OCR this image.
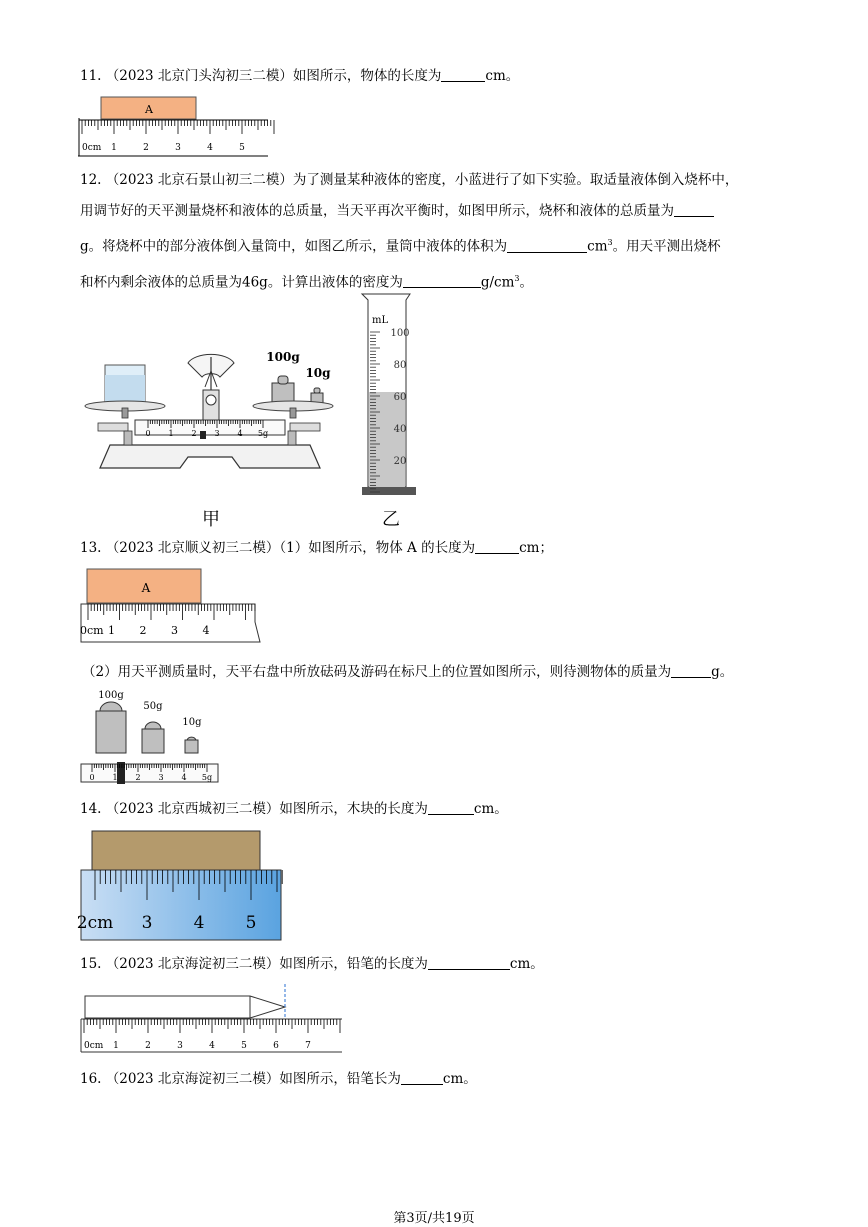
11. （2023 北京门头沟初三二模）如图所示，物体的长度为	cm。
A
0cm 1	2	3	4	5
12. （2023 北京石景山初三二模）为了测量某种液体的密度，小蓝进行了如下实验。取适量液体倒入烧杯中，
用调节好的天平测量烧杯和液体的总质量，当天平再次平衡时，如图甲所示，烧杯和液体的总质量为
g。将烧杯中的部分液体倒入量筒中，如图乙所示，量筒中液体的体积为	$cm^3$。用天平测出烧杯
和杯内剩余液体的总质量为46g。计算出液体的密度为	$g/cm^3$。
100g
10g
0 1 2 3 4 5g
甲
mL
100
80
60
40
20
乙
13. （2023 北京顺义初三二模）（1）如图所示，物体 A 的长度为	cm；
A
0cm 1 2 3 4
（2）用天平测质量时，天平右盘中所放砝码及游码在标尺上的位置如图所示，则待测物体的质量为	g。
100g
50g
10g
0 1 2 3 4 5g
14. （2023 北京西城初三二模）如图所示，木块的长度为	cm。
2cm 3 4 5
15. （2023 北京海淀初三二模）如图所示，铅笔的长度为	cm。
0cm 1	2	3	4	5	6	7
16. （2023 北京海淀初三二模）如图所示，铅笔长为	cm。
第3页/共19页
